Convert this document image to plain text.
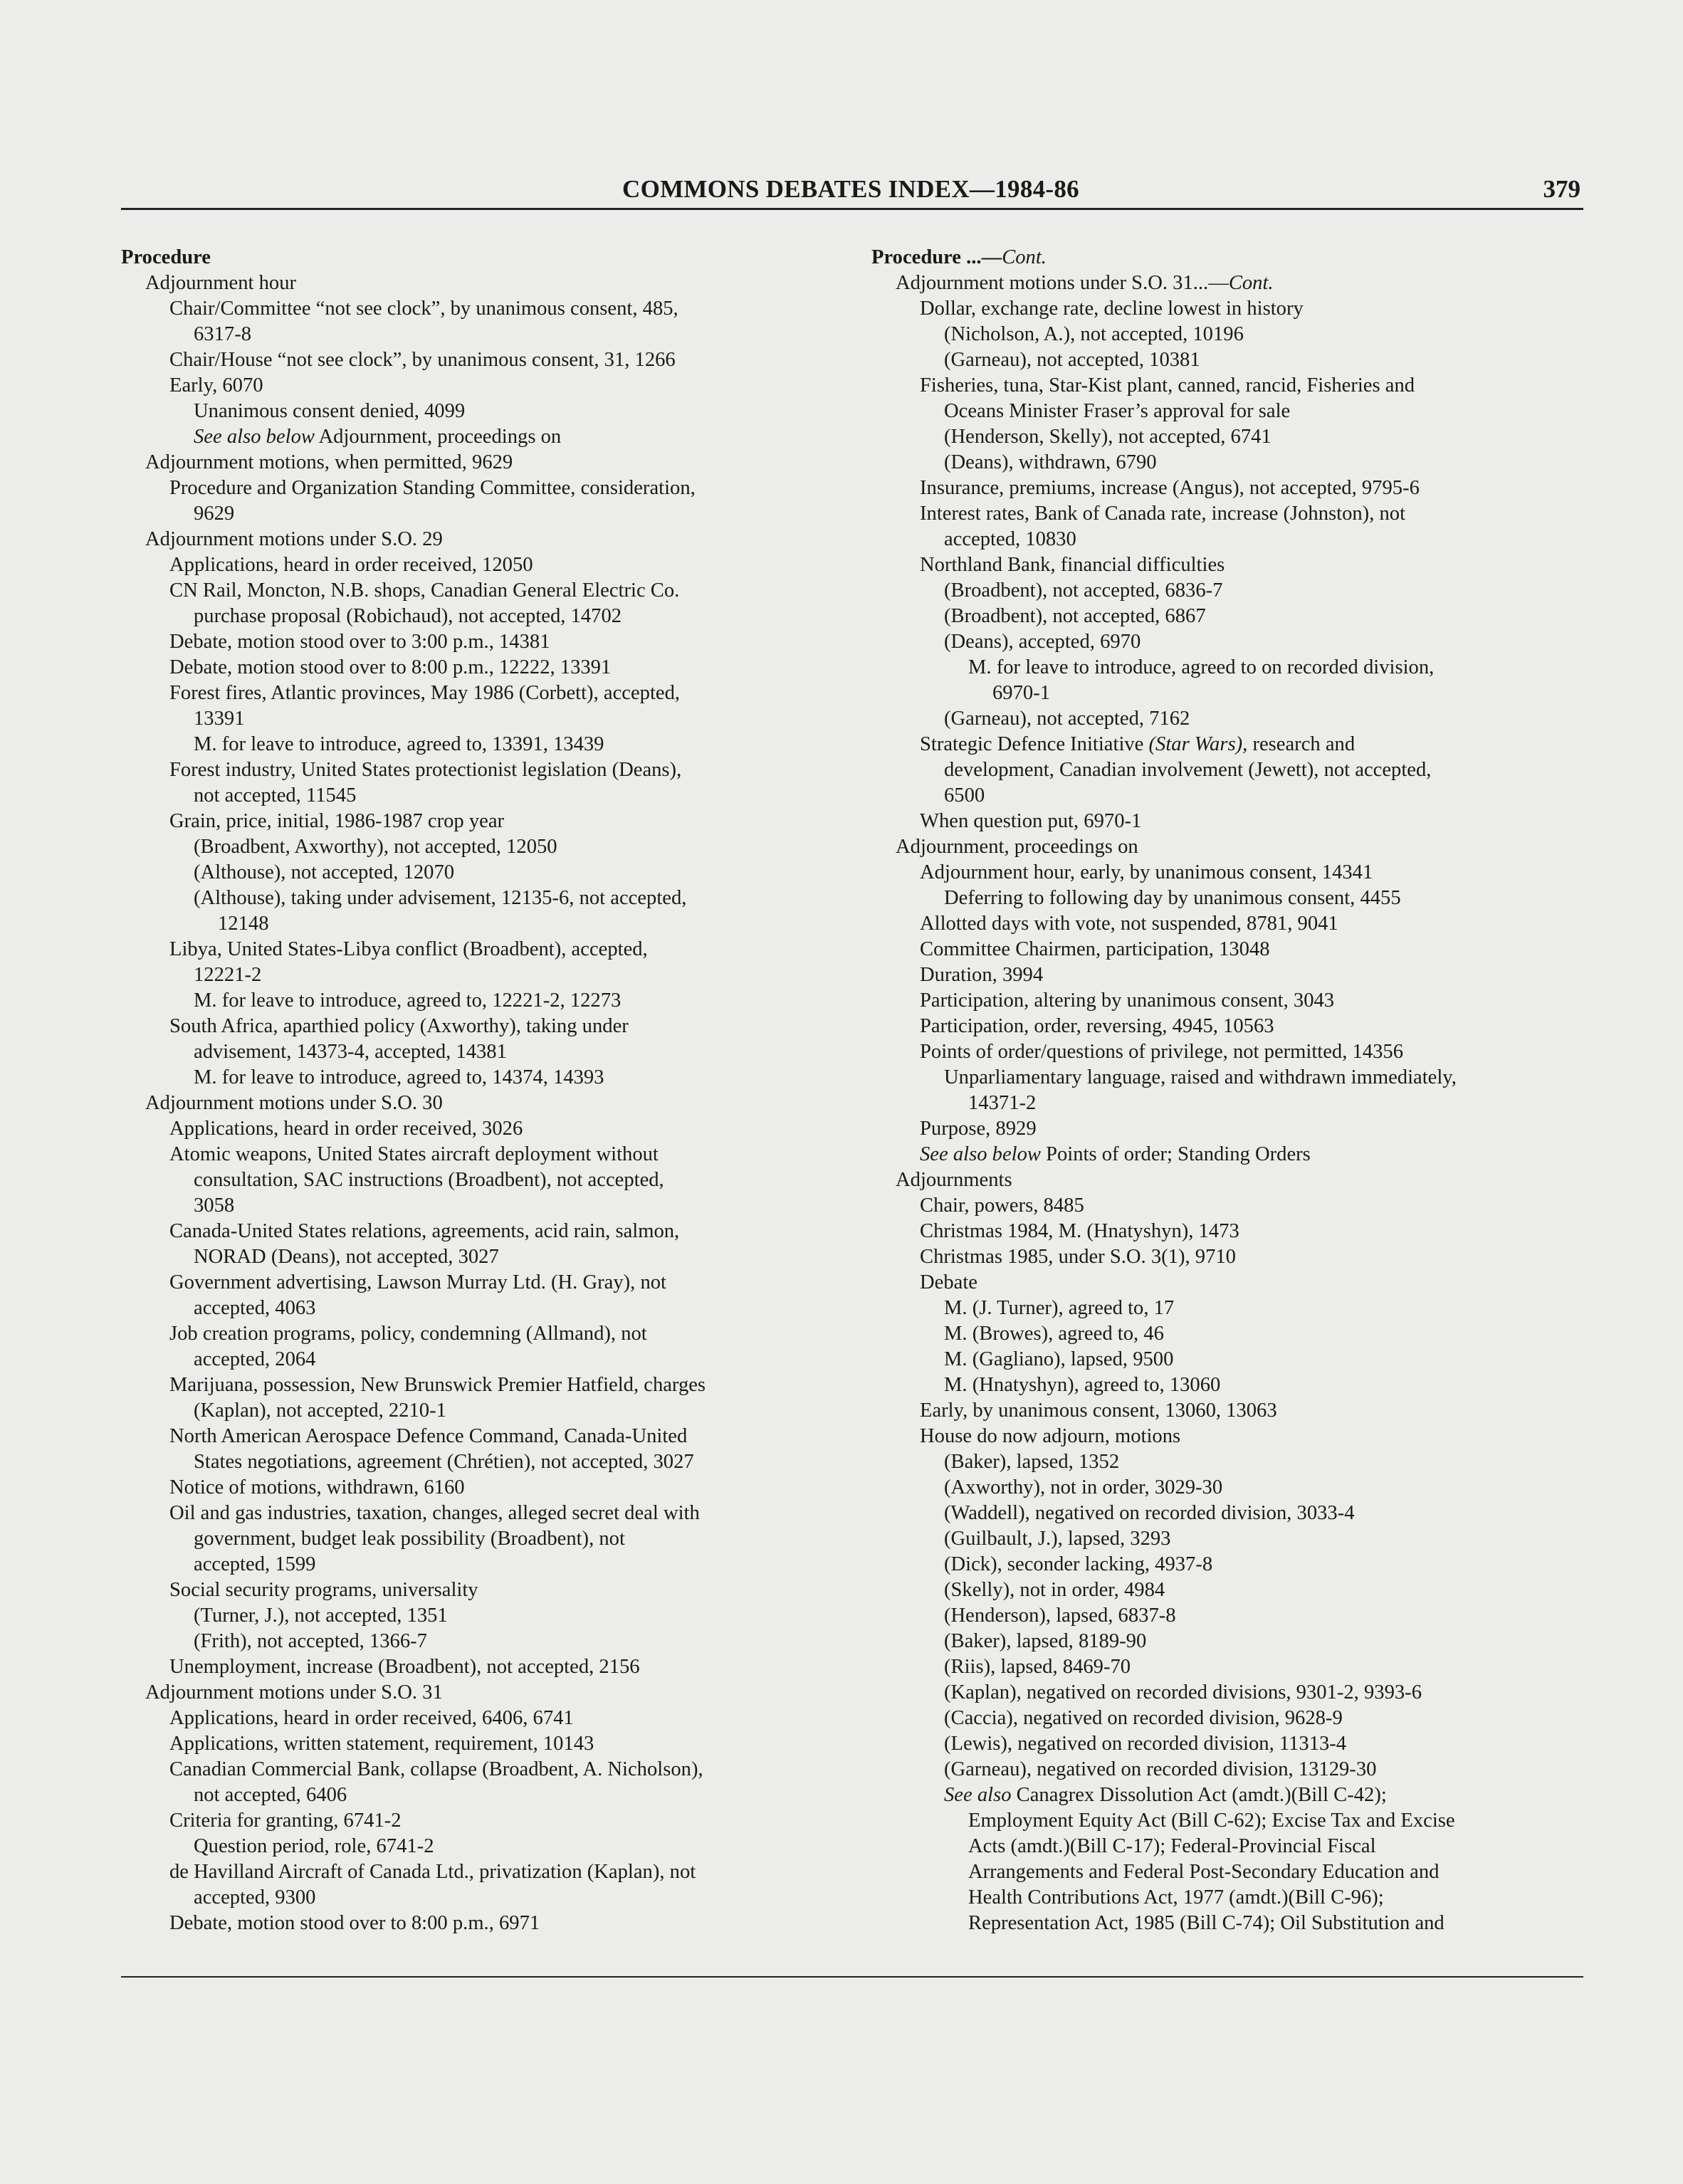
COMMONS DEBATES INDEX—1984-86	379
Procedure
Adjournment hour
Chair/Committee “not see clock”, by unanimous consent, 485,
6317-8
Chair/House “not see clock”, by unanimous consent, 31, 1266
Early, 6070
Unanimous consent denied, 4099
See also below Adjournment, proceedings on
Adjournment motions, when permitted, 9629
Procedure and Organization Standing Committee, consideration,
9629
Adjournment motions under S.O. 29
Applications, heard in order received, 12050
CN Rail, Moncton, N.B. shops, Canadian General Electric Co.
purchase proposal (Robichaud), not accepted, 14702
Debate, motion stood over to 3:00 p.m., 14381
Debate, motion stood over to 8:00 p.m., 12222, 13391
Forest fires, Atlantic provinces, May 1986 (Corbett), accepted,
13391
M. for leave to introduce, agreed to, 13391, 13439
Forest industry, United States protectionist legislation (Deans),
not accepted, 11545
Grain, price, initial, 1986-1987 crop year
(Broadbent, Axworthy), not accepted, 12050
(Althouse), not accepted, 12070
(Althouse), taking under advisement, 12135-6, not accepted,
12148
Libya, United States-Libya conflict (Broadbent), accepted,
12221-2
M. for leave to introduce, agreed to, 12221-2, 12273
South Africa, aparthied policy (Axworthy), taking under
advisement, 14373-4, accepted, 14381
M. for leave to introduce, agreed to, 14374, 14393
Adjournment motions under S.O. 30
Applications, heard in order received, 3026
Atomic weapons, United States aircraft deployment without
consultation, SAC instructions (Broadbent), not accepted,
3058
Canada-United States relations, agreements, acid rain, salmon,
NORAD (Deans), not accepted, 3027
Government advertising, Lawson Murray Ltd. (H. Gray), not
accepted, 4063
Job creation programs, policy, condemning (Allmand), not
accepted, 2064
Marijuana, possession, New Brunswick Premier Hatfield, charges
(Kaplan), not accepted, 2210-1
North American Aerospace Defence Command, Canada-United
States negotiations, agreement (Chrétien), not accepted, 3027
Notice of motions, withdrawn, 6160
Oil and gas industries, taxation, changes, alleged secret deal with
government, budget leak possibility (Broadbent), not
accepted, 1599
Social security programs, universality
(Turner, J.), not accepted, 1351
(Frith), not accepted, 1366-7
Unemployment, increase (Broadbent), not accepted, 2156
Adjournment motions under S.O. 31
Applications, heard in order received, 6406, 6741
Applications, written statement, requirement, 10143
Canadian Commercial Bank, collapse (Broadbent, A. Nicholson),
not accepted, 6406
Criteria for granting, 6741-2
Question period, role, 6741-2
de Havilland Aircraft of Canada Ltd., privatization (Kaplan), not
accepted, 9300
Debate, motion stood over to 8:00 p.m., 6971
Procedure ...—Cont.
Adjournment motions under S.O. 31...—Cont.
Dollar, exchange rate, decline lowest in history
(Nicholson, A.), not accepted, 10196
(Garneau), not accepted, 10381
Fisheries, tuna, Star-Kist plant, canned, rancid, Fisheries and
Oceans Minister Fraser’s approval for sale
(Henderson, Skelly), not accepted, 6741
(Deans), withdrawn, 6790
Insurance, premiums, increase (Angus), not accepted, 9795-6
Interest rates, Bank of Canada rate, increase (Johnston), not
accepted, 10830
Northland Bank, financial difficulties
(Broadbent), not accepted, 6836-7
(Broadbent), not accepted, 6867
(Deans), accepted, 6970
M. for leave to introduce, agreed to on recorded division,
6970-1
(Garneau), not accepted, 7162
Strategic Defence Initiative (Star Wars), research and
development, Canadian involvement (Jewett), not accepted,
6500
When question put, 6970-1
Adjournment, proceedings on
Adjournment hour, early, by unanimous consent, 14341
Deferring to following day by unanimous consent, 4455
Allotted days with vote, not suspended, 8781, 9041
Committee Chairmen, participation, 13048
Duration, 3994
Participation, altering by unanimous consent, 3043
Participation, order, reversing, 4945, 10563
Points of order/questions of privilege, not permitted, 14356
Unparliamentary language, raised and withdrawn immediately,
14371-2
Purpose, 8929
See also below Points of order; Standing Orders
Adjournments
Chair, powers, 8485
Christmas 1984, M. (Hnatyshyn), 1473
Christmas 1985, under S.O. 3(1), 9710
Debate
M. (J. Turner), agreed to, 17
M. (Browes), agreed to, 46
M. (Gagliano), lapsed, 9500
M. (Hnatyshyn), agreed to, 13060
Early, by unanimous consent, 13060, 13063
House do now adjourn, motions
(Baker), lapsed, 1352
(Axworthy), not in order, 3029-30
(Waddell), negatived on recorded division, 3033-4
(Guilbault, J.), lapsed, 3293
(Dick), seconder lacking, 4937-8
(Skelly), not in order, 4984
(Henderson), lapsed, 6837-8
(Baker), lapsed, 8189-90
(Riis), lapsed, 8469-70
(Kaplan), negatived on recorded divisions, 9301-2, 9393-6
(Caccia), negatived on recorded division, 9628-9
(Lewis), negatived on recorded division, 11313-4
(Garneau), negatived on recorded division, 13129-30
See also Canagrex Dissolution Act (amdt.)(Bill C-42);
Employment Equity Act (Bill C-62); Excise Tax and Excise
Acts (amdt.)(Bill C-17); Federal-Provincial Fiscal
Arrangements and Federal Post-Secondary Education and
Health Contributions Act, 1977 (amdt.)(Bill C-96);
Representation Act, 1985 (Bill C-74); Oil Substitution and
